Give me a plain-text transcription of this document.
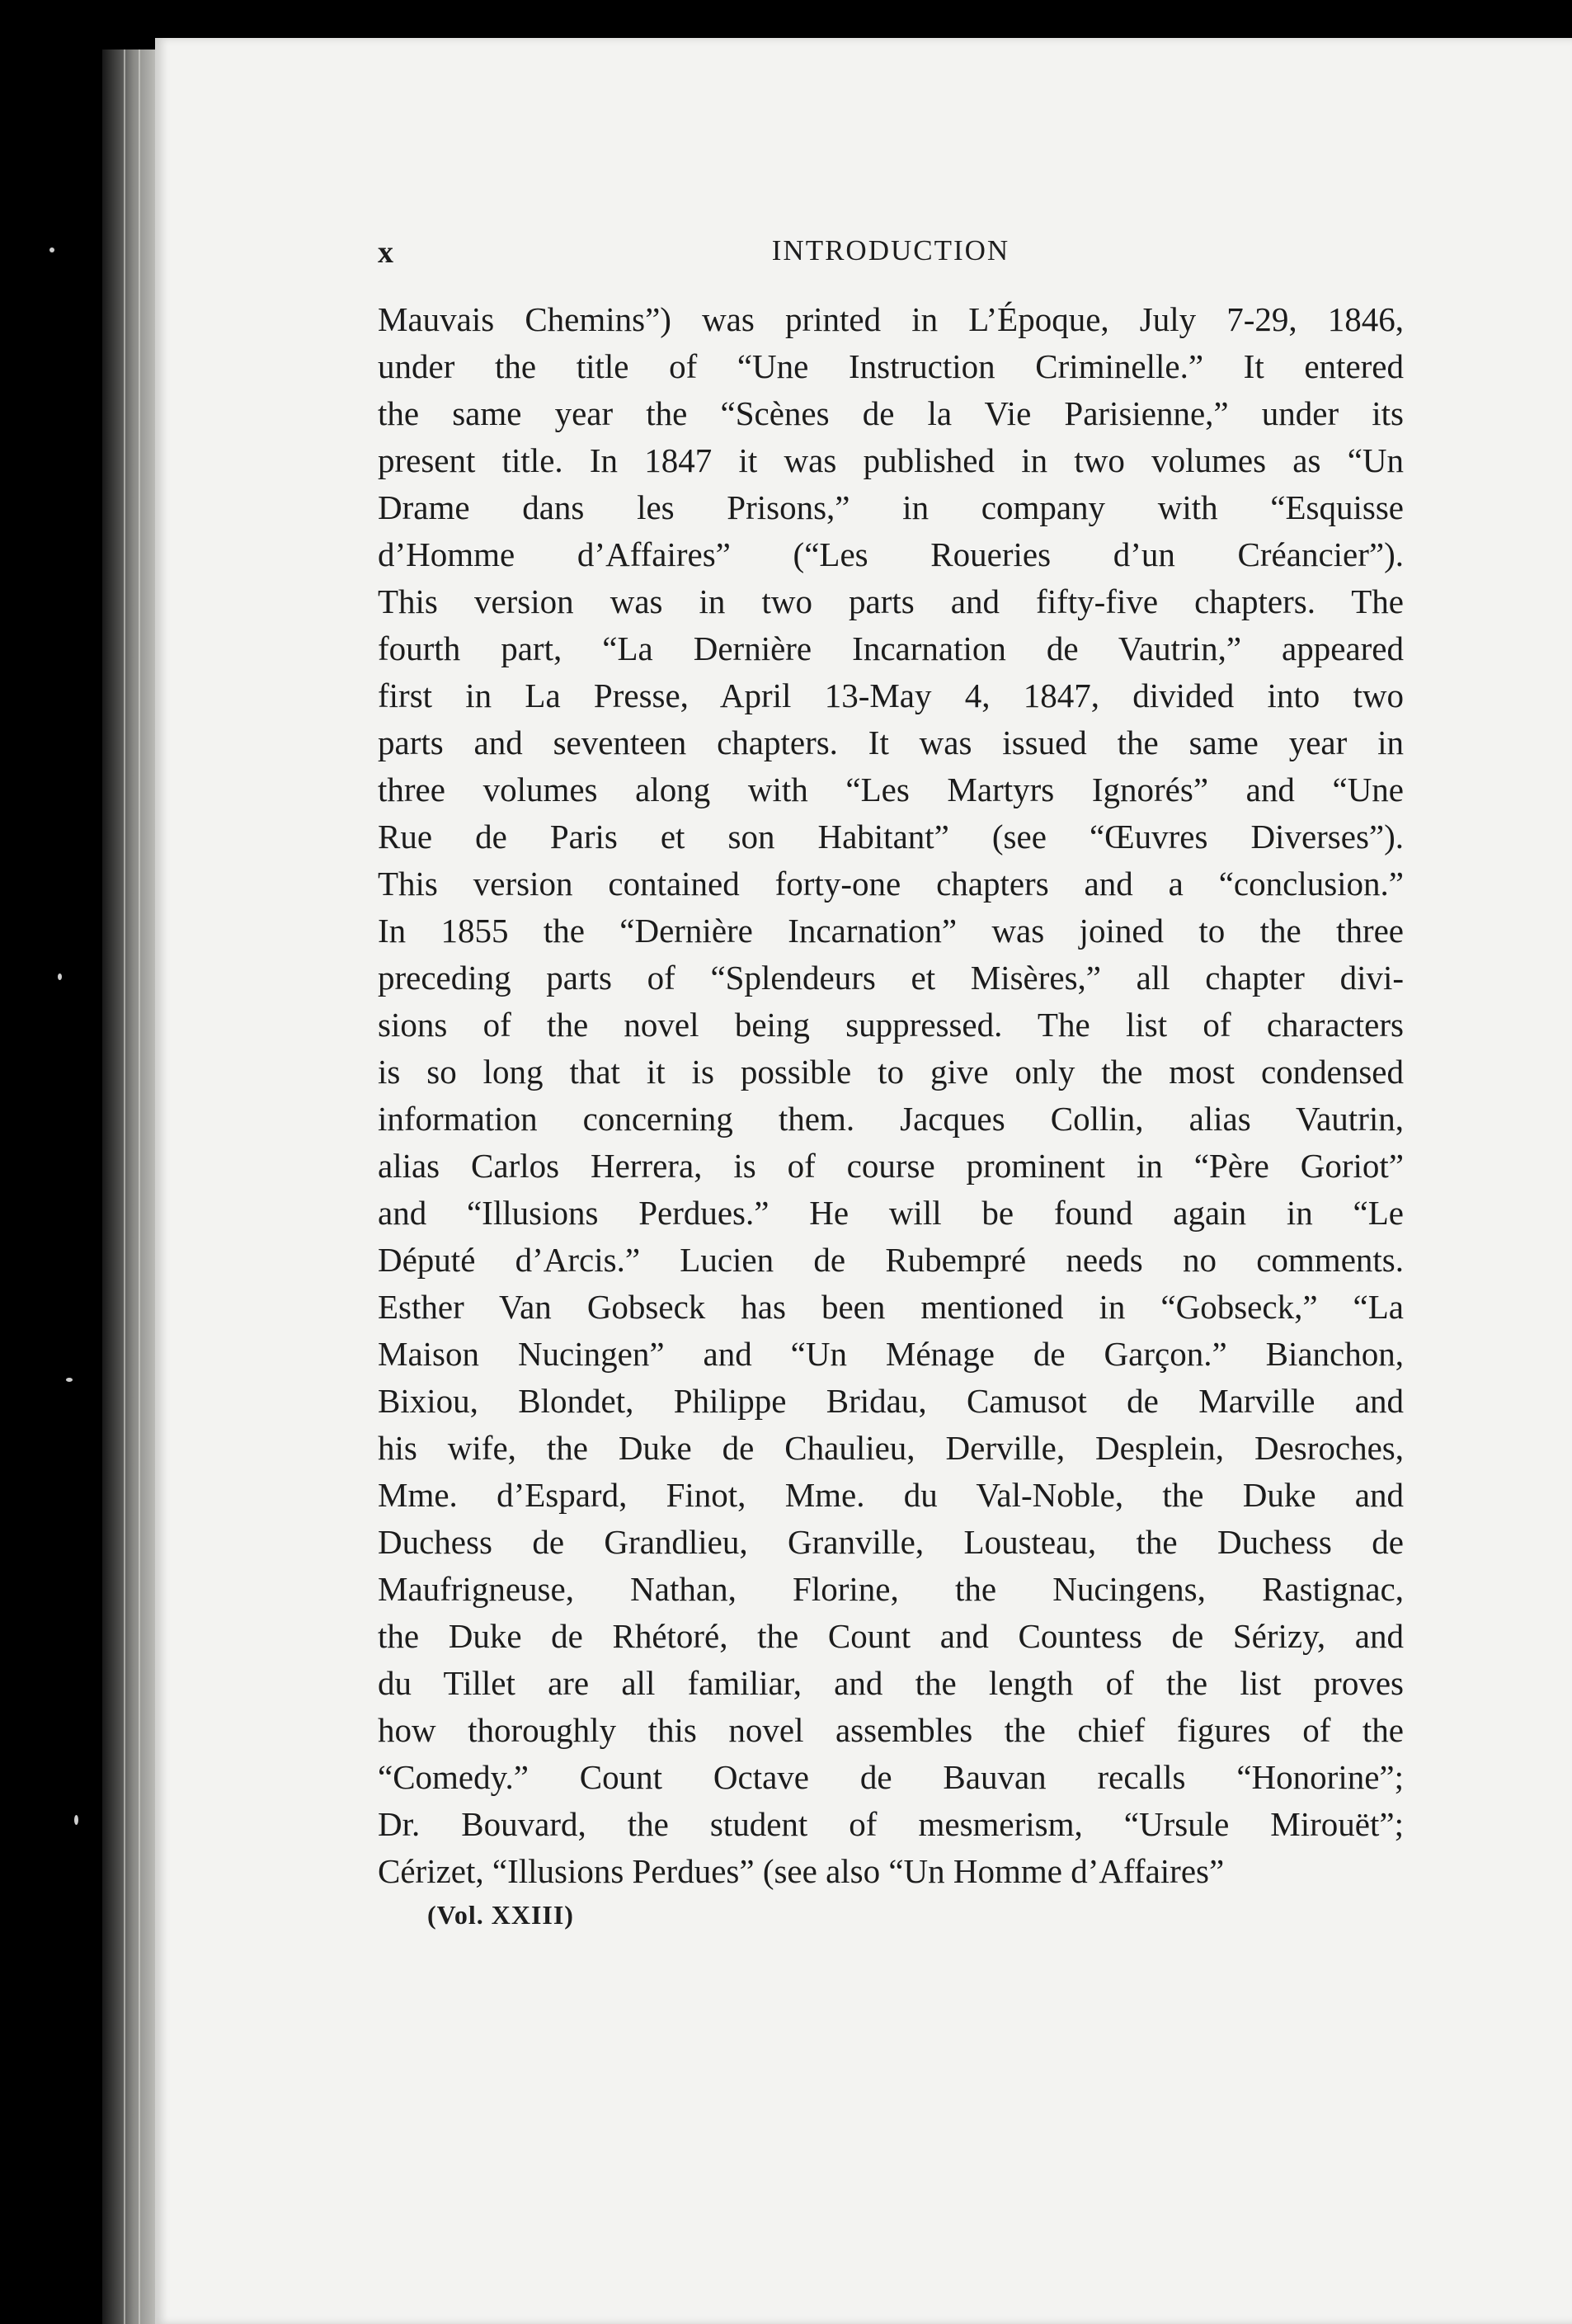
x	INTRODUCTION
Mauvais Chemins”) was printed in L’Époque, July 7-29, 1846,
under the title of “Une Instruction Criminelle.” It entered
the same year the “Scènes de la Vie Parisienne,” under its
present title. In 1847 it was published in two volumes as “Un
Drame dans les Prisons,” in company with “Esquisse
d’Homme d’Affaires” (“Les Roueries d’un Créancier”).
This version was in two parts and fifty-five chapters. The
fourth part, “La Dernière Incarnation de Vautrin,” appeared
first in La Presse, April 13-May 4, 1847, divided into two
parts and seventeen chapters. It was issued the same year in
three volumes along with “Les Martyrs Ignorés” and “Une
Rue de Paris et son Habitant” (see “Œuvres Diverses”).
This version contained forty-one chapters and a “conclusion.”
In 1855 the “Dernière Incarnation” was joined to the three
preceding parts of “Splendeurs et Misères,” all chapter divi-
sions of the novel being suppressed. The list of characters
is so long that it is possible to give only the most condensed
information concerning them. Jacques Collin, alias Vautrin,
alias Carlos Herrera, is of course prominent in “Père Goriot”
and “Illusions Perdues.” He will be found again in “Le
Député d’Arcis.” Lucien de Rubempré needs no comments.
Esther Van Gobseck has been mentioned in “Gobseck,” “La
Maison Nucingen” and “Un Ménage de Garçon.” Bianchon,
Bixiou, Blondet, Philippe Bridau, Camusot de Marville and
his wife, the Duke de Chaulieu, Derville, Desplein, Desroches,
Mme. d’Espard, Finot, Mme. du Val-Noble, the Duke and
Duchess de Grandlieu, Granville, Lousteau, the Duchess de
Maufrigneuse, Nathan, Florine, the Nucingens, Rastignac,
the Duke de Rhétoré, the Count and Countess de Sérizy, and
du Tillet are all familiar, and the length of the list proves
how thoroughly this novel assembles the chief figures of the
“Comedy.” Count Octave de Bauvan recalls “Honorine”;
Dr. Bouvard, the student of mesmerism, “Ursule Mirouët”;
Cérizet, “Illusions Perdues” (see also “Un Homme d’Affaires”
(Vol. XXIII)
